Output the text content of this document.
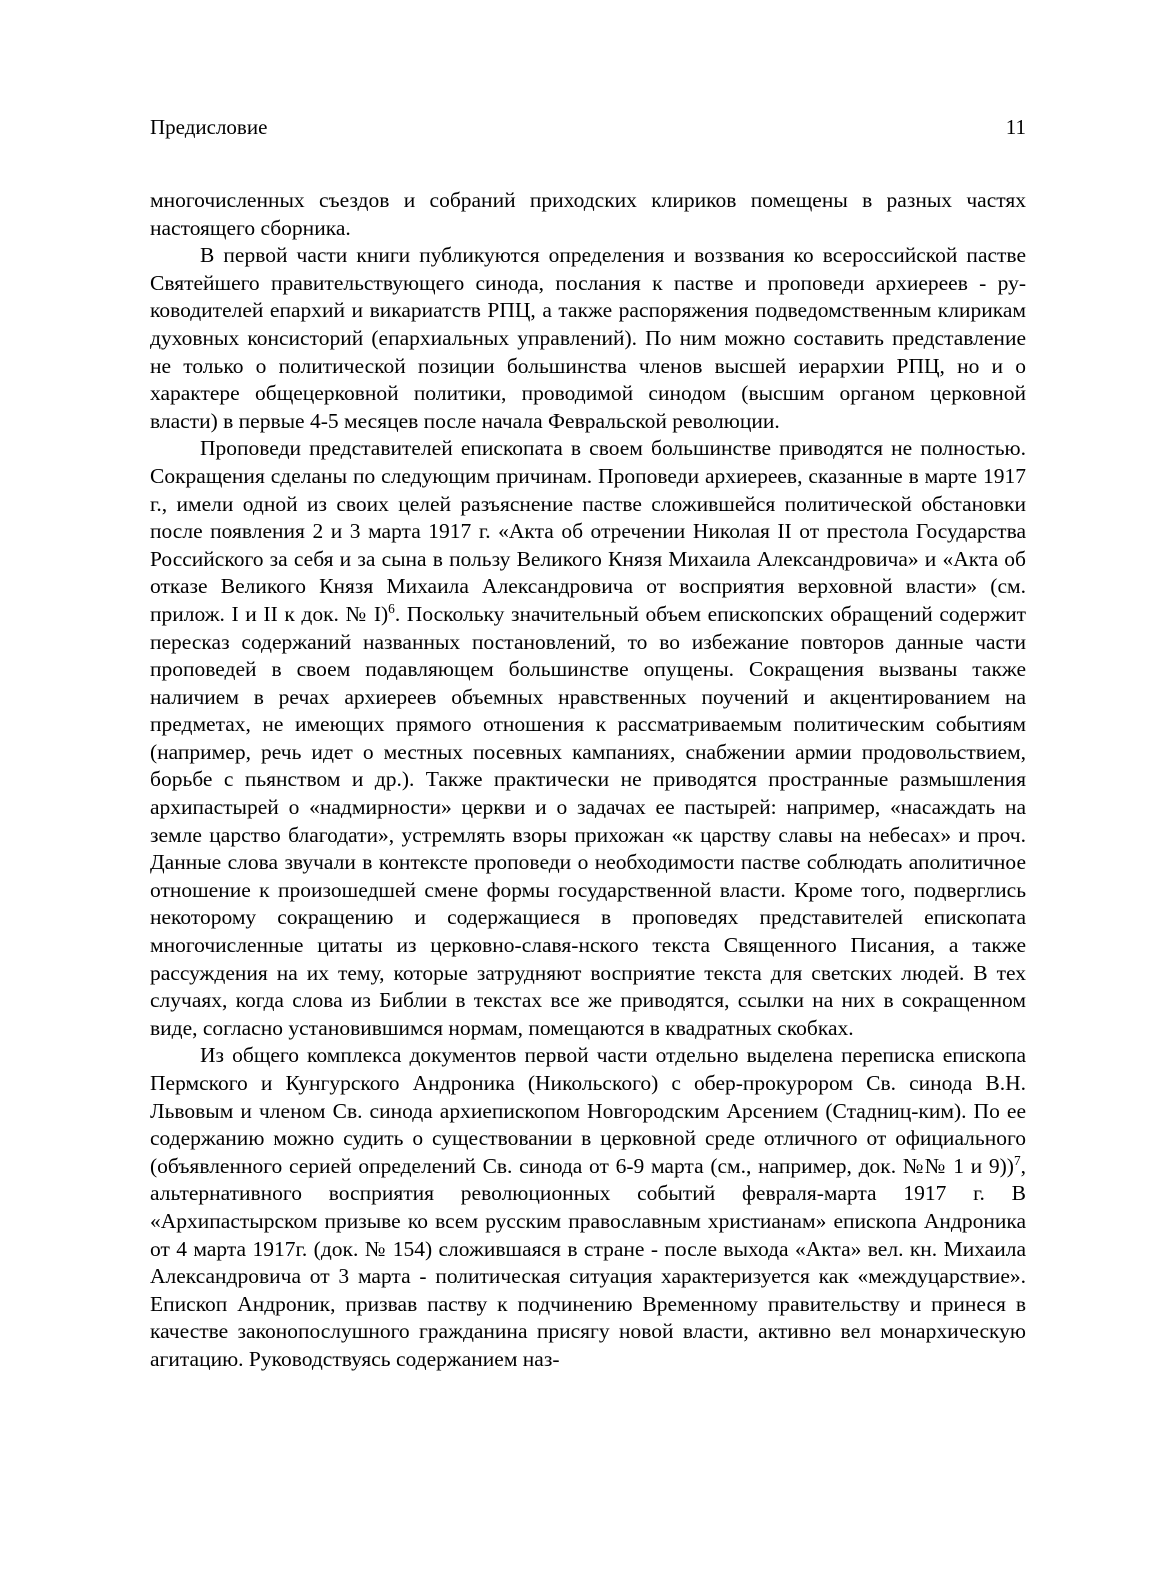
Предисловие	11

многочисленных съездов и собраний приходских клириков помещены в разных частях настоящего сборника.

В первой части книги публикуются определения и воззвания ко всероссийской пастве Святейшего правительствующего синода, послания к пастве и проповеди архиереев - руководителей епархий и викариатств РПЦ, а также распоряжения подведомственным клирикам духовных консисторий (епархиальных управлений). По ним можно составить представление не только о политической позиции большинства членов высшей иерархии РПЦ, но и о характере общецерковной политики, проводимой синодом (высшим органом церковной власти) в первые 4-5 месяцев после начала Февральской революции.

Проповеди представителей епископата в своем большинстве приводятся не полностью. Сокращения сделаны по следующим причинам. Проповеди архиереев, сказанные в марте 1917 г., имели одной из своих целей разъяснение пастве сложившейся политической обстановки после появления 2 и 3 марта 1917 г. «Акта об отречении Николая II от престола Государства Российского за себя и за сына в пользу Великого Князя Михаила Александровича» и «Акта об отказе Великого Князя Михаила Александровича от восприятия верховной власти» (см. прилож. I и II к док. № I)$^6$. Поскольку значительный объем епископских обращений содержит пересказ содержаний названных постановлений, то во избежание повторов данные части проповедей в своем подавляющем большинстве опущены. Сокращения вызваны также наличием в речах архиереев объемных нравственных поучений и акцентированием на предметах, не имеющих прямого отношения к рассматриваемым политическим событиям (например, речь идет о местных посевных кампаниях, снабжении армии продовольствием, борьбе с пьянством и др.). Также практически не приводятся пространные размышления архипастырей о «надмирности» церкви и о задачах ее пастырей: например, «насаждать на земле царство благодати», устремлять взоры прихожан «к царству славы на небесах» и проч. Данные слова звучали в контексте проповеди о необходимости пастве соблюдать аполитичное отношение к произошедшей смене формы государственной власти. Кроме того, подверглись некоторому сокращению и содержащиеся в проповедях представителей епископата многочисленные цитаты из церковно-славя-нского текста Священного Писания, а также рассуждения на их тему, которые затрудняют восприятие текста для светских людей. В тех случаях, когда слова из Библии в текстах все же приводятся, ссылки на них в сокращенном виде, согласно установившимся нормам, помещаются в квадратных скобках.

Из общего комплекса документов первой части отдельно выделена переписка епископа Пермского и Кунгурского Андроника (Никольского) с обер-прокурором Св. синода В.Н. Львовым и членом Св. синода архиепископом Новгородским Арсением (Стадниц-ким). По ее содержанию можно судить о существовании в церковной среде отличного от официального (объявленного серией определений Св. синода от 6-9 марта (см., например, док. №№ 1 и 9))$^7$, альтернативного восприятия революционных событий февраля-марта 1917 г. В «Архипастырском призыве ко всем русским православным христианам» епископа Андроника от 4 марта 1917г. (док. № 154) сложившаяся в стране - после выхода «Акта» вел. кн. Михаила Александровича от 3 марта - политическая ситуация характеризуется как «междуцарствие». Епископ Андроник, призвав паству к подчинению Временному правительству и принеся в качестве законопослушного гражданина присягу новой власти, активно вел монархическую агитацию. Руководствуясь содержанием наз-
